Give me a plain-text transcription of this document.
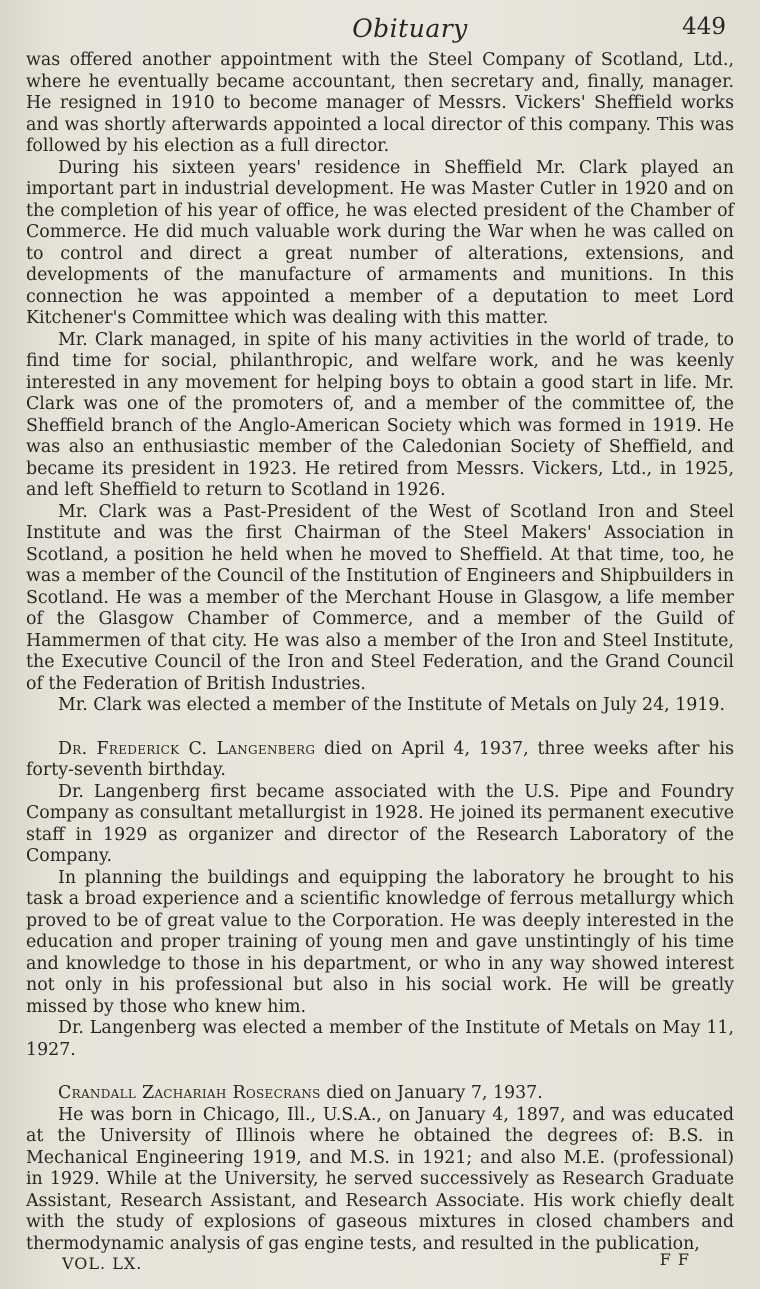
Obituary	449

was offered another appointment with the Steel Company of Scotland, Ltd., where he eventually became accountant, then secretary and, finally, manager. He resigned in 1910 to become manager of Messrs. Vickers' Sheffield works and was shortly afterwards appointed a local director of this company. This was followed by his election as a full director.

During his sixteen years' residence in Sheffield Mr. Clark played an important part in industrial development. He was Master Cutler in 1920 and on the completion of his year of office, he was elected president of the Chamber of Commerce. He did much valuable work during the War when he was called on to control and direct a great number of alterations, extensions, and developments of the manufacture of armaments and munitions. In this connection he was appointed a member of a deputation to meet Lord Kitchener's Committee which was dealing with this matter.

Mr. Clark managed, in spite of his many activities in the world of trade, to find time for social, philanthropic, and welfare work, and he was keenly interested in any movement for helping boys to obtain a good start in life. Mr. Clark was one of the promoters of, and a member of the committee of, the Sheffield branch of the Anglo-American Society which was formed in 1919. He was also an enthusiastic member of the Caledonian Society of Sheffield, and became its president in 1923. He retired from Messrs. Vickers, Ltd., in 1925, and left Sheffield to return to Scotland in 1926.

Mr. Clark was a Past-President of the West of Scotland Iron and Steel Institute and was the first Chairman of the Steel Makers' Association in Scotland, a position he held when he moved to Sheffield. At that time, too, he was a member of the Council of the Institution of Engineers and Shipbuilders in Scotland. He was a member of the Merchant House in Glasgow, a life member of the Glasgow Chamber of Commerce, and a member of the Guild of Hammermen of that city. He was also a member of the Iron and Steel Institute, the Executive Council of the Iron and Steel Federation, and the Grand Council of the Federation of British Industries.

Mr. Clark was elected a member of the Institute of Metals on July 24, 1919.

Dr. Frederick C. Langenberg died on April 4, 1937, three weeks after his forty-seventh birthday.

Dr. Langenberg first became associated with the U.S. Pipe and Foundry Company as consultant metallurgist in 1928. He joined its permanent executive staff in 1929 as organizer and director of the Research Laboratory of the Company.

In planning the buildings and equipping the laboratory he brought to his task a broad experience and a scientific knowledge of ferrous metallurgy which proved to be of great value to the Corporation. He was deeply interested in the education and proper training of young men and gave unstintingly of his time and knowledge to those in his department, or who in any way showed interest not only in his professional but also in his social work. He will be greatly missed by those who knew him.

Dr. Langenberg was elected a member of the Institute of Metals on May 11, 1927.

Crandall Zachariah Rosecrans died on January 7, 1937.

He was born in Chicago, Ill., U.S.A., on January 4, 1897, and was educated at the University of Illinois where he obtained the degrees of: B.S. in Mechanical Engineering 1919, and M.S. in 1921; and also M.E. (professional) in 1929. While at the University, he served successively as Research Graduate Assistant, Research Assistant, and Research Associate. His work chiefly dealt with the study of explosions of gaseous mixtures in closed chambers and thermodynamic analysis of gas engine tests, and resulted in the publication,

VOL. LX.	F F
